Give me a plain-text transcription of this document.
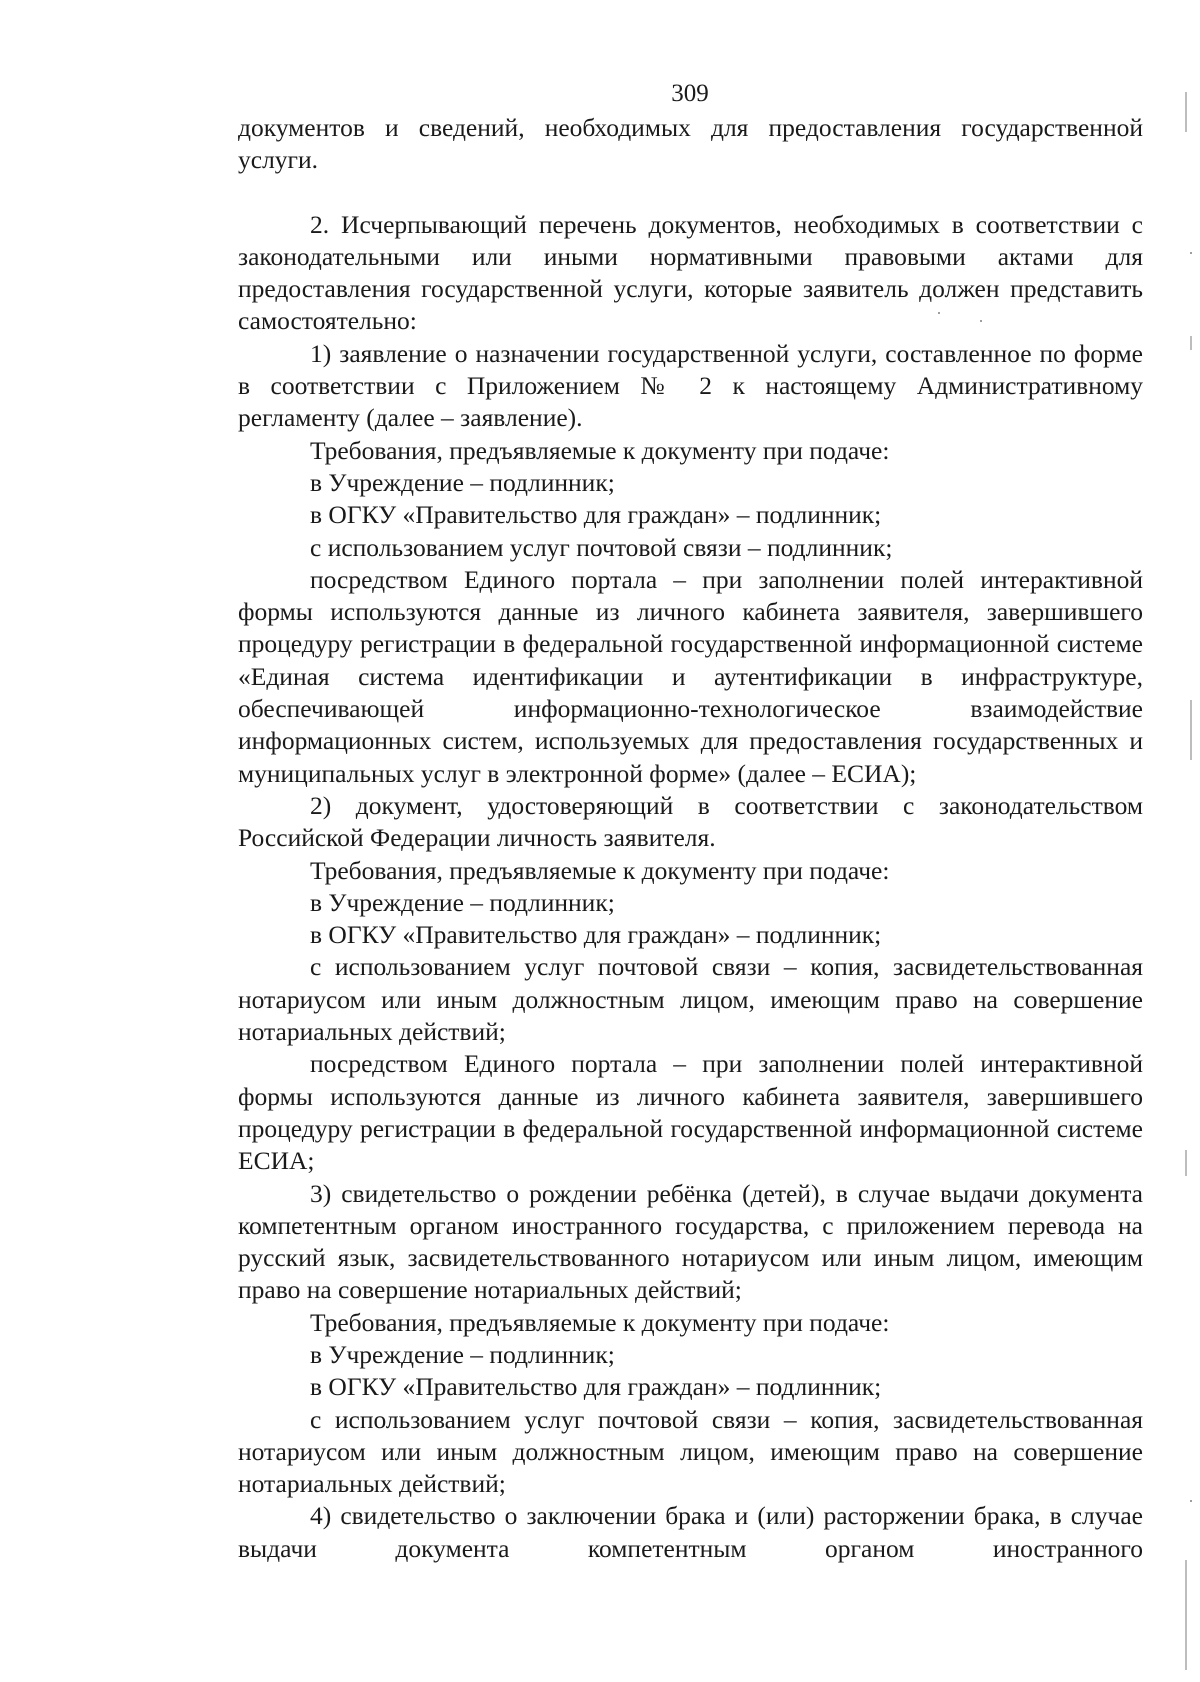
309

документов и сведений, необходимых для предоставления государственной услуги.

2. Исчерпывающий перечень документов, необходимых в соответствии с законодательными или иными нормативными правовыми актами для предоставления государственной услуги, которые заявитель должен представить самостоятельно:

1) заявление о назначении государственной услуги, составленное по форме в соответствии с Приложением № 2 к настоящему Административному регламенту (далее – заявление).

Требования, предъявляемые к документу при подаче:

в Учреждение – подлинник;

в ОГКУ «Правительство для граждан» – подлинник;

с использованием услуг почтовой связи – подлинник;

посредством Единого портала – при заполнении полей интерактивной формы используются данные из личного кабинета заявителя, завершившего процедуру регистрации в федеральной государственной информационной системе «Единая система идентификации и аутентификации в инфраструктуре, обеспечивающей информационно-технологическое взаимодействие информационных систем, используемых для предоставления государственных и муниципальных услуг в электронной форме» (далее – ЕСИА);

2) документ, удостоверяющий в соответствии с законодательством Российской Федерации личность заявителя.

Требования, предъявляемые к документу при подаче:

в Учреждение – подлинник;

в ОГКУ «Правительство для граждан» – подлинник;

с использованием услуг почтовой связи – копия, засвидетельствованная нотариусом или иным должностным лицом, имеющим право на совершение нотариальных действий;

посредством Единого портала – при заполнении полей интерактивной формы используются данные из личного кабинета заявителя, завершившего процедуру регистрации в федеральной государственной информационной системе ЕСИА;

3) свидетельство о рождении ребёнка (детей), в случае выдачи документа компетентным органом иностранного государства, с приложением перевода на русский язык, засвидетельствованного нотариусом или иным лицом, имеющим право на совершение нотариальных действий;

Требования, предъявляемые к документу при подаче:

в Учреждение – подлинник;

в ОГКУ «Правительство для граждан» – подлинник;

с использованием услуг почтовой связи – копия, засвидетельствованная нотариусом или иным должностным лицом, имеющим право на совершение нотариальных действий;

4) свидетельство о заключении брака и (или) расторжении брака, в случае выдачи документа компетентным органом иностранного
